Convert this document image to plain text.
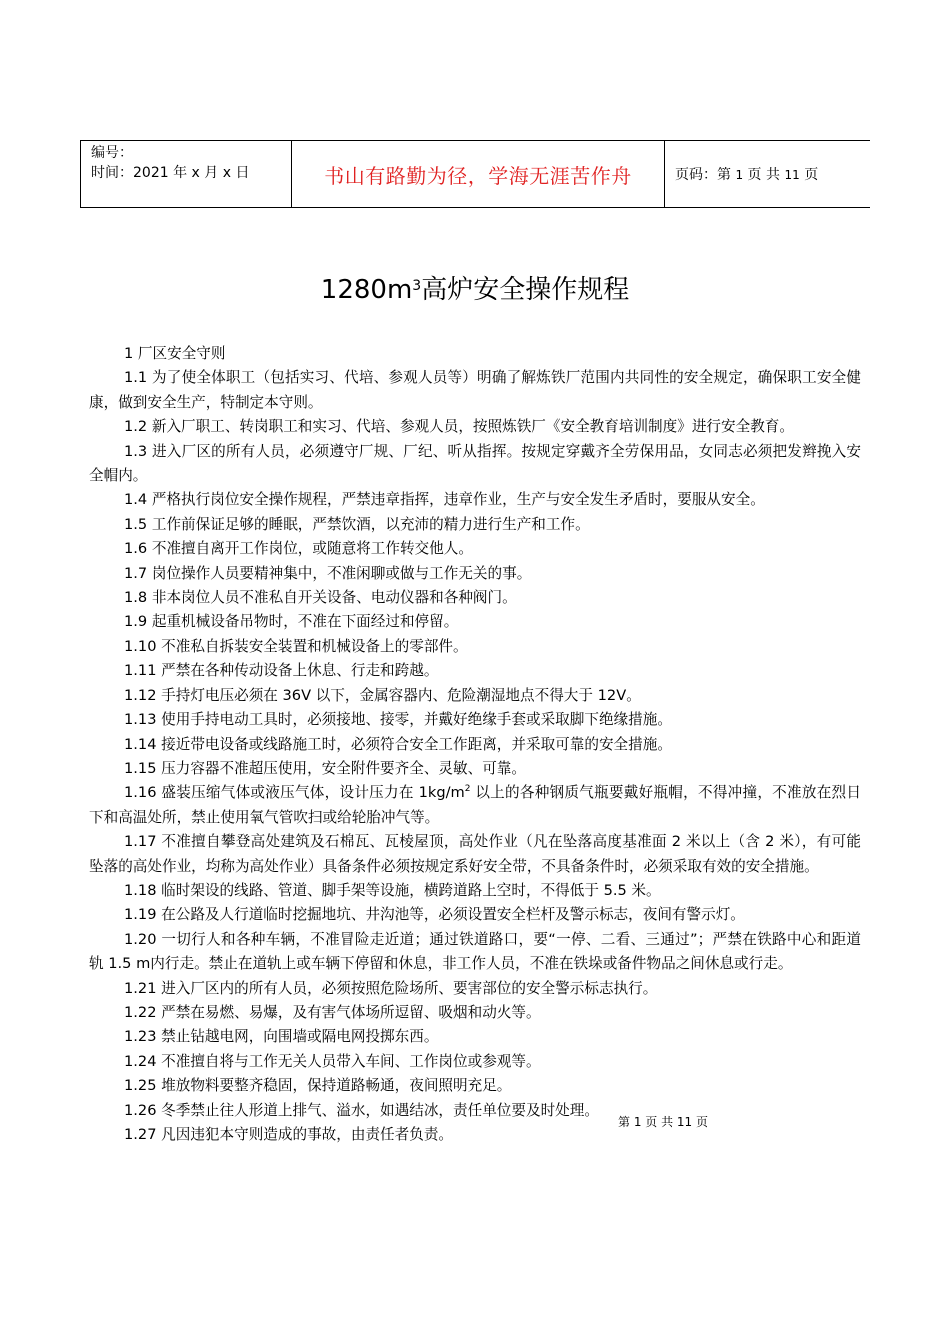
编号：
时间：2021 年 x 月 x 日	书山有路勤为径，学海无涯苦作舟	页码：第 1 页 共 11 页
$1280m^3$高炉安全操作规程

1 厂区安全守则

1.1 为了使全体职工（包括实习、代培、参观人员等）明确了解炼铁厂范围内共同性的安全规定，确保职工安全健康，做到安全生产，特制定本守则。

1.2 新入厂职工、转岗职工和实习、代培、参观人员，按照炼铁厂《安全教育培训制度》进行安全教育。

1.3 进入厂区的所有人员，必须遵守厂规、厂纪、听从指挥。按规定穿戴齐全劳保用品，女同志必须把发辫挽入安全帽内。

1.4 严格执行岗位安全操作规程，严禁违章指挥，违章作业，生产与安全发生矛盾时，要服从安全。

1.5 工作前保证足够的睡眠，严禁饮酒，以充沛的精力进行生产和工作。

1.6 不准擅自离开工作岗位，或随意将工作转交他人。

1.7 岗位操作人员要精神集中，不准闲聊或做与工作无关的事。

1.8 非本岗位人员不准私自开关设备、电动仪器和各种阀门。

1.9 起重机械设备吊物时，不准在下面经过和停留。

1.10 不准私自拆装安全装置和机械设备上的零部件。

1.11 严禁在各种传动设备上休息、行走和跨越。

1.12 手持灯电压必须在 36V 以下，金属容器内、危险潮湿地点不得大于 12V。

1.13 使用手持电动工具时，必须接地、接零，并戴好绝缘手套或采取脚下绝缘措施。

1.14 接近带电设备或线路施工时，必须符合安全工作距离，并采取可靠的安全措施。

1.15 压力容器不准超压使用，安全附件要齐全、灵敏、可靠。

1.16 盛装压缩气体或液压气体，设计压力在 $1kg/m^2$ 以上的各种钢质气瓶要戴好瓶帽，不得冲撞，不准放在烈日下和高温处所，禁止使用氧气管吹扫或给轮胎冲气等。

1.17 不准擅自攀登高处建筑及石棉瓦、瓦棱屋顶，高处作业（凡在坠落高度基准面 2 米以上（含 2 米），有可能坠落的高处作业，均称为高处作业）具备条件必须按规定系好安全带，不具备条件时，必须采取有效的安全措施。

1.18 临时架设的线路、管道、脚手架等设施，横跨道路上空时，不得低于 5.5 米。

1.19 在公路及人行道临时挖掘地坑、井沟池等，必须设置安全栏杆及警示标志，夜间有警示灯。

1.20 一切行人和各种车辆，不准冒险走近道；通过铁道路口，要“一停、二看、三通过”；严禁在铁路中心和距道轨 1.5 m内行走。禁止在道轨上或车辆下停留和休息，非工作人员，不准在铁垛或备件物品之间休息或行走。

1.21 进入厂区内的所有人员，必须按照危险场所、要害部位的安全警示标志执行。

1.22 严禁在易燃、易爆，及有害气体场所逗留、吸烟和动火等。

1.23 禁止钻越电网，向围墙或隔电网投掷东西。

1.24 不准擅自将与工作无关人员带入车间、工作岗位或参观等。

1.25 堆放物料要整齐稳固，保持道路畅通，夜间照明充足。

1.26 冬季禁止往人形道上排气、溢水，如遇结冰，责任单位要及时处理。

1.27 凡因违犯本守则造成的事故，由责任者负责。

第 1 页 共 11 页
